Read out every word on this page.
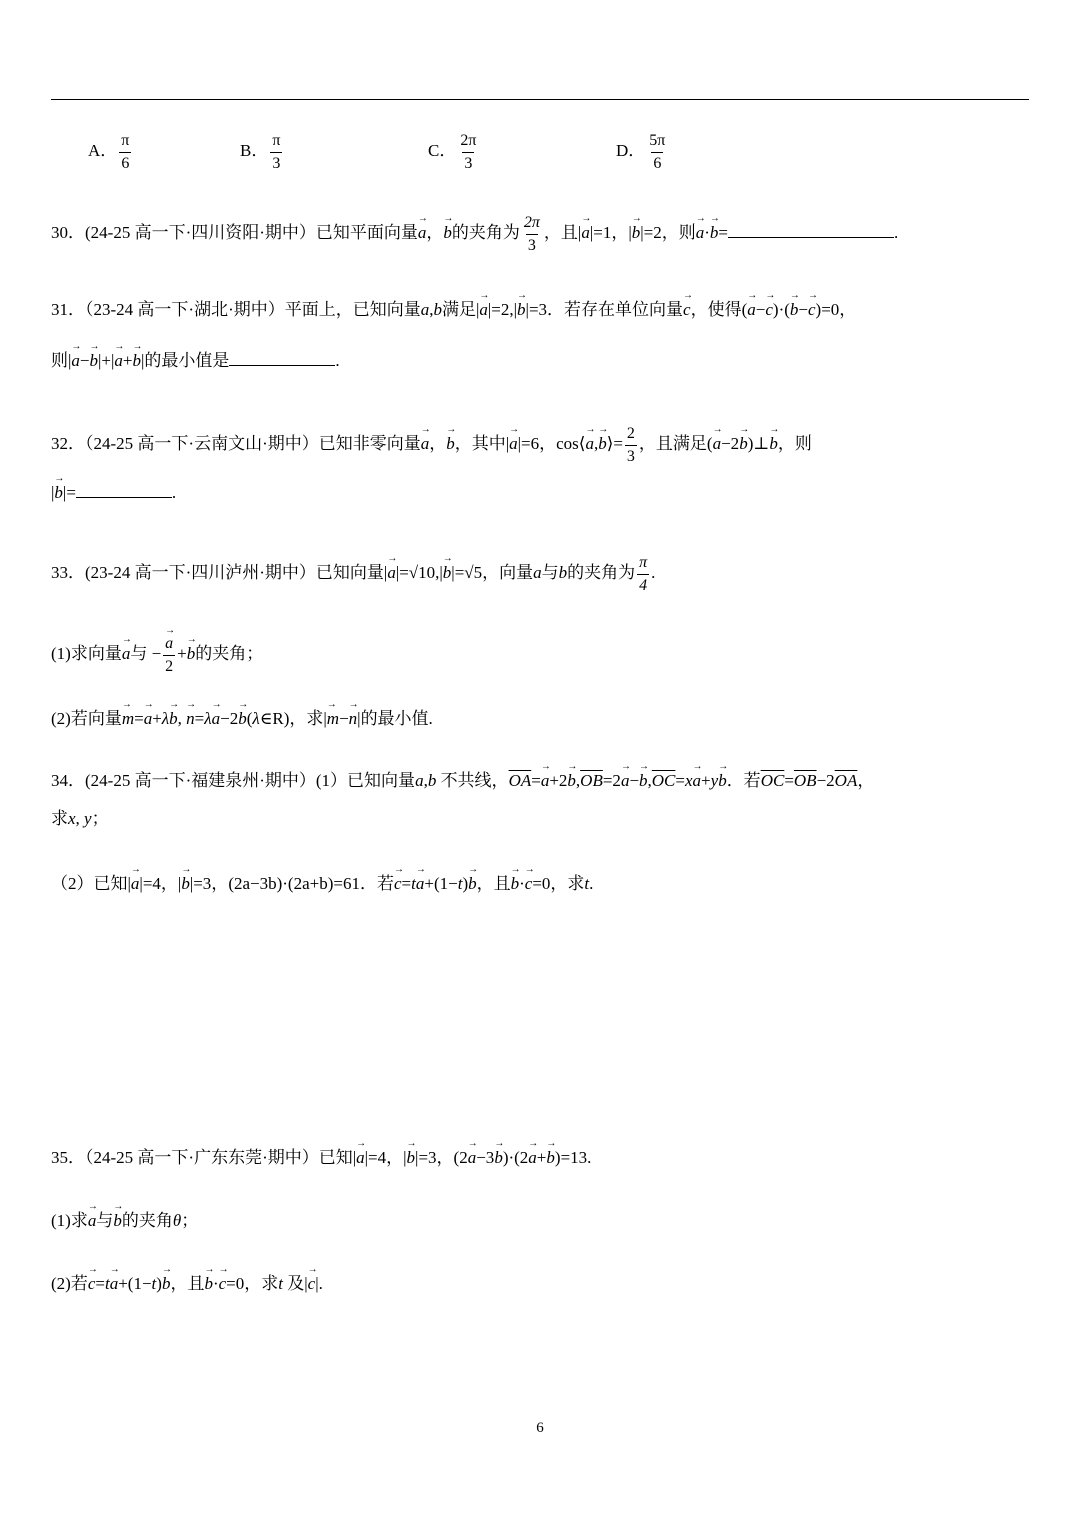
A． $\frac{\pi}{6}$	B． $\frac{\pi}{3}$	C． $\frac{2\pi}{3}$	D． $\frac{5\pi}{6}$
30．(24-25 高一下·四川资阳·期中）已知平面向量→ a，→ b的夹角为 $\frac{2\pi}{3}$ ，且|→ a|=1，|→ b|=2，则→ a·→ b=	.
31．（23-24 高一下·湖北·期中）平面上，已知向量a,b满足|→ a|=2,|→ b|=3．若存在单位向量→ c，使得(→ a−→ c)·(→ b−→ c)=0，
则|→ a−→ b|+|→ a+→ b|的最小值是	.
32．（24-25 高一下·云南文山·期中）已知非零向量→ a，→ b，其中|→ a|=6，cos⟨→ a,→ b⟩= $\frac{2}{3}$ ，且满足(→ a−2→ b)⊥→ b，则
|→ b|=	.
33．(23-24 高一下·四川泸州·期中）已知向量|→ a|=√10,|→ b|=√5，向量a与b的夹角为 $\frac{\pi}{4}$ .
(1)求向量→ a与 − → $\frac{a}{2} +\to b$的夹角；
(2)若向量→ m=→ a+λ→ b, → n=λ→ a−2→ b(λ∈R)，求|→ m−→ n|的最小值.
34．(24-25 高一下·福建泉州·期中）(1）已知向量a,b 不共线，$\overline{OA}=\to a+2\to b,\overline{OB}=2\to a-\to b,\overline{OC}=x\to a+y\to b$．若$\overline{OC}=\overline{OB}-2\overline{OA}$，
求x, y；
（2）已知|→ a|=4，|→ b|=3，(2a−3b)·(2a+b)=61．若→ c=t→ a+(1−t)→ b，且→ b·→ c=0，求t.
35．（24-25 高一下·广东东莞·期中）已知|→ a|=4，|→ b|=3，(2→ a−3→ b)·(2→ a+→ b)=13.
(1)求→ a与→ b的夹角θ；
(2)若→ c=t→ a+(1−t)→ b，且→ b·→ c=0，求t 及|→ c|.
6
